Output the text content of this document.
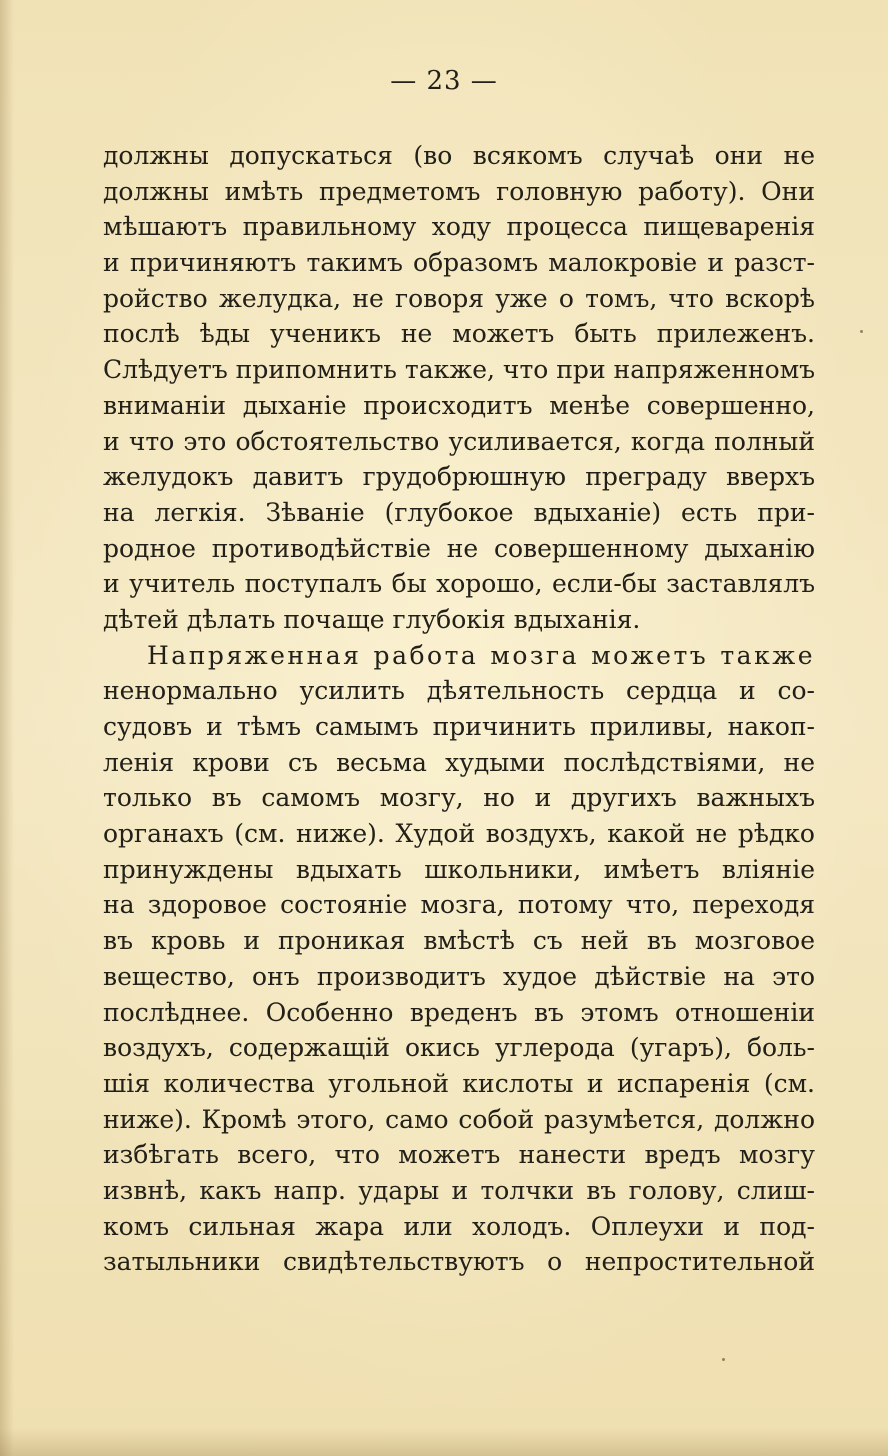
— 23 —
должны допускаться (во всякомъ случаѣ они не
должны имѣть предметомъ головную работу). Они
мѣшаютъ правильному ходу процесса пищеваренія
и причиняютъ такимъ образомъ малокровіе и разст-
ройство желудка, не говоря уже о томъ, что вскорѣ
послѣ ѣды ученикъ не можетъ быть прилеженъ.
Слѣдуетъ припомнить также, что при напряженномъ
вниманіи дыханіе происходитъ менѣе совершенно,
и что это обстоятельство усиливается, когда полный
желудокъ давитъ грудобрюшную преграду вверхъ
на легкія. Зѣваніе (глубокое вдыханіе) есть при-
родное противодѣйствіе не совершенному дыханію
и учитель поступалъ бы хорошо, если-бы заставлялъ
дѣтей дѣлать почаще глубокія вдыханія.
Напряженная работа мозга можетъ также
ненормально усилить дѣятельность сердца и со-
судовъ и тѣмъ самымъ причинить приливы, накоп-
ленія крови съ весьма худыми послѣдствіями, не
только въ самомъ мозгу, но и другихъ важныхъ
органахъ (см. ниже). Худой воздухъ, какой не рѣдко
принуждены вдыхать школьники, имѣетъ вліяніе
на здоровое состояніе мозга, потому что, переходя
въ кровь и проникая вмѣстѣ съ ней въ мозговое
вещество, онъ производитъ худое дѣйствіе на это
послѣднее. Особенно вреденъ въ этомъ отношеніи
воздухъ, содержащій окись углерода (угаръ), боль-
шія количества угольной кислоты и испаренія (см.
ниже). Кромѣ этого, само собой разумѣется, должно
избѣгать всего, что можетъ нанести вредъ мозгу
извнѣ, какъ напр. удары и толчки въ голову, слиш-
комъ сильная жара или холодъ. Оплеухи и под-
затыльники свидѣтельствуютъ о непростительной
